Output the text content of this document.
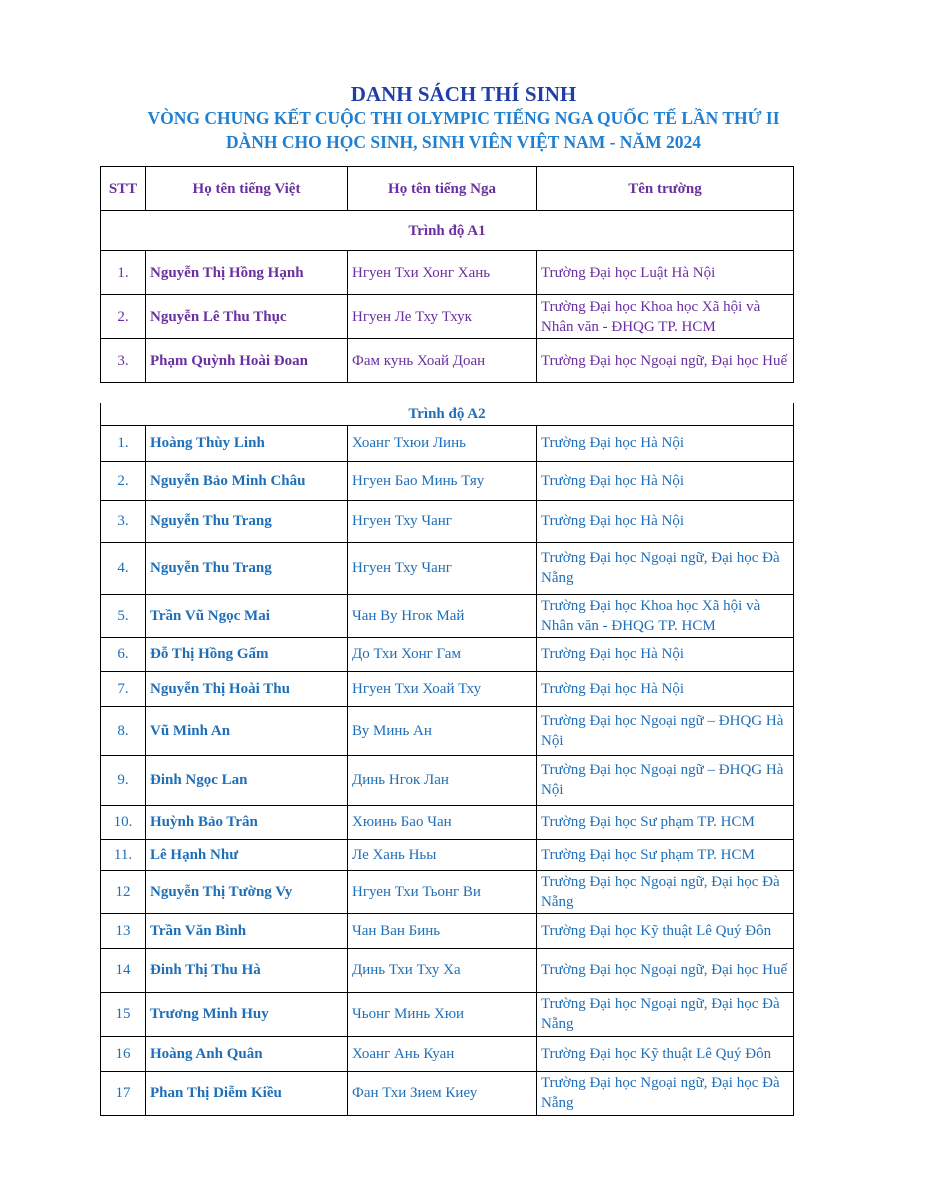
DANH SÁCH THÍ SINH

VÒNG CHUNG KẾT CUỘC THI OLYMPIC TIẾNG NGA QUỐC TẾ LẦN THỨ II

DÀNH CHO HỌC SINH, SINH VIÊN VIỆT NAM - NĂM 2024

STT	Họ tên tiếng Việt	Họ tên tiếng Nga	Tên trường
Trình độ A1			
1.	Nguyễn Thị Hồng Hạnh	Нгуен Тхи Хонг Хань	Trường Đại học Luật Hà Nội
2.	Nguyễn Lê Thu Thục	Нгуен Ле Тху Тхук	Trường Đại học Khoa học Xã hội và Nhân văn - ĐHQG TP. HCM
3.	Phạm Quỳnh Hoài Đoan	Фам кунь Хоай Доан	Trường Đại học Ngoại ngữ, Đại học Huế
Trình độ A2			
1.	Hoàng Thùy Linh	Хоанг Тхюи Линь	Trường Đại học Hà Nội
2.	Nguyễn Bảo Minh Châu	Нгуен Бао Минь Тяу	Trường Đại học Hà Nội
3.	Nguyễn Thu Trang	Нгуен Тху Чанг	Trường Đại học Hà Nội
4.	Nguyễn Thu Trang	Нгуен Тху Чанг	Trường Đại học Ngoại ngữ, Đại học Đà Nẵng
5.	Trần Vũ Ngọc Mai	Чан Ву Нгок Май	Trường Đại học Khoa học Xã hội và Nhân văn - ĐHQG TP. HCM
6.	Đỗ Thị Hồng Gấm	До Тхи Хонг Гам	Trường Đại học Hà Nội
7.	Nguyễn Thị Hoài Thu	Нгуен Тхи Хоай Тху	Trường Đại học Hà Nội
8.	Vũ Minh An	Ву Минь Ан	Trường Đại học Ngoại ngữ – ĐHQG Hà Nội
9.	Đinh Ngọc Lan	Динь Нгок Лан	Trường Đại học Ngoại ngữ – ĐHQG Hà Nội
10.	Huỳnh Bảo Trân	Хюинь Бао Чан	Trường Đại học Sư phạm TP. HCM
11.	Lê Hạnh Như	Ле Хань Ньы	Trường Đại học Sư phạm TP. HCM
12	Nguyễn Thị Tường Vy	Нгуен Тхи Тьонг Ви	Trường Đại học Ngoại ngữ, Đại học Đà Nẵng
13	Trần Văn Bình	Чан Ван Бинь	Trường Đại học Kỹ thuật Lê Quý Đôn
14	Đinh Thị Thu Hà	Динь Тхи Тху Ха	Trường Đại học Ngoại ngữ, Đại học Huế
15	Trương Minh Huy	Чьонг Минь Хюи	Trường Đại học Ngoại ngữ, Đại học Đà Nẵng
16	Hoàng Anh Quân	Хоанг Ань Куан	Trường Đại học Kỹ thuật Lê Quý Đôn
17	Phan Thị Diễm Kiều	Фан Тхи Зием Киеу	Trường Đại học Ngoại ngữ, Đại học Đà Nẵng
